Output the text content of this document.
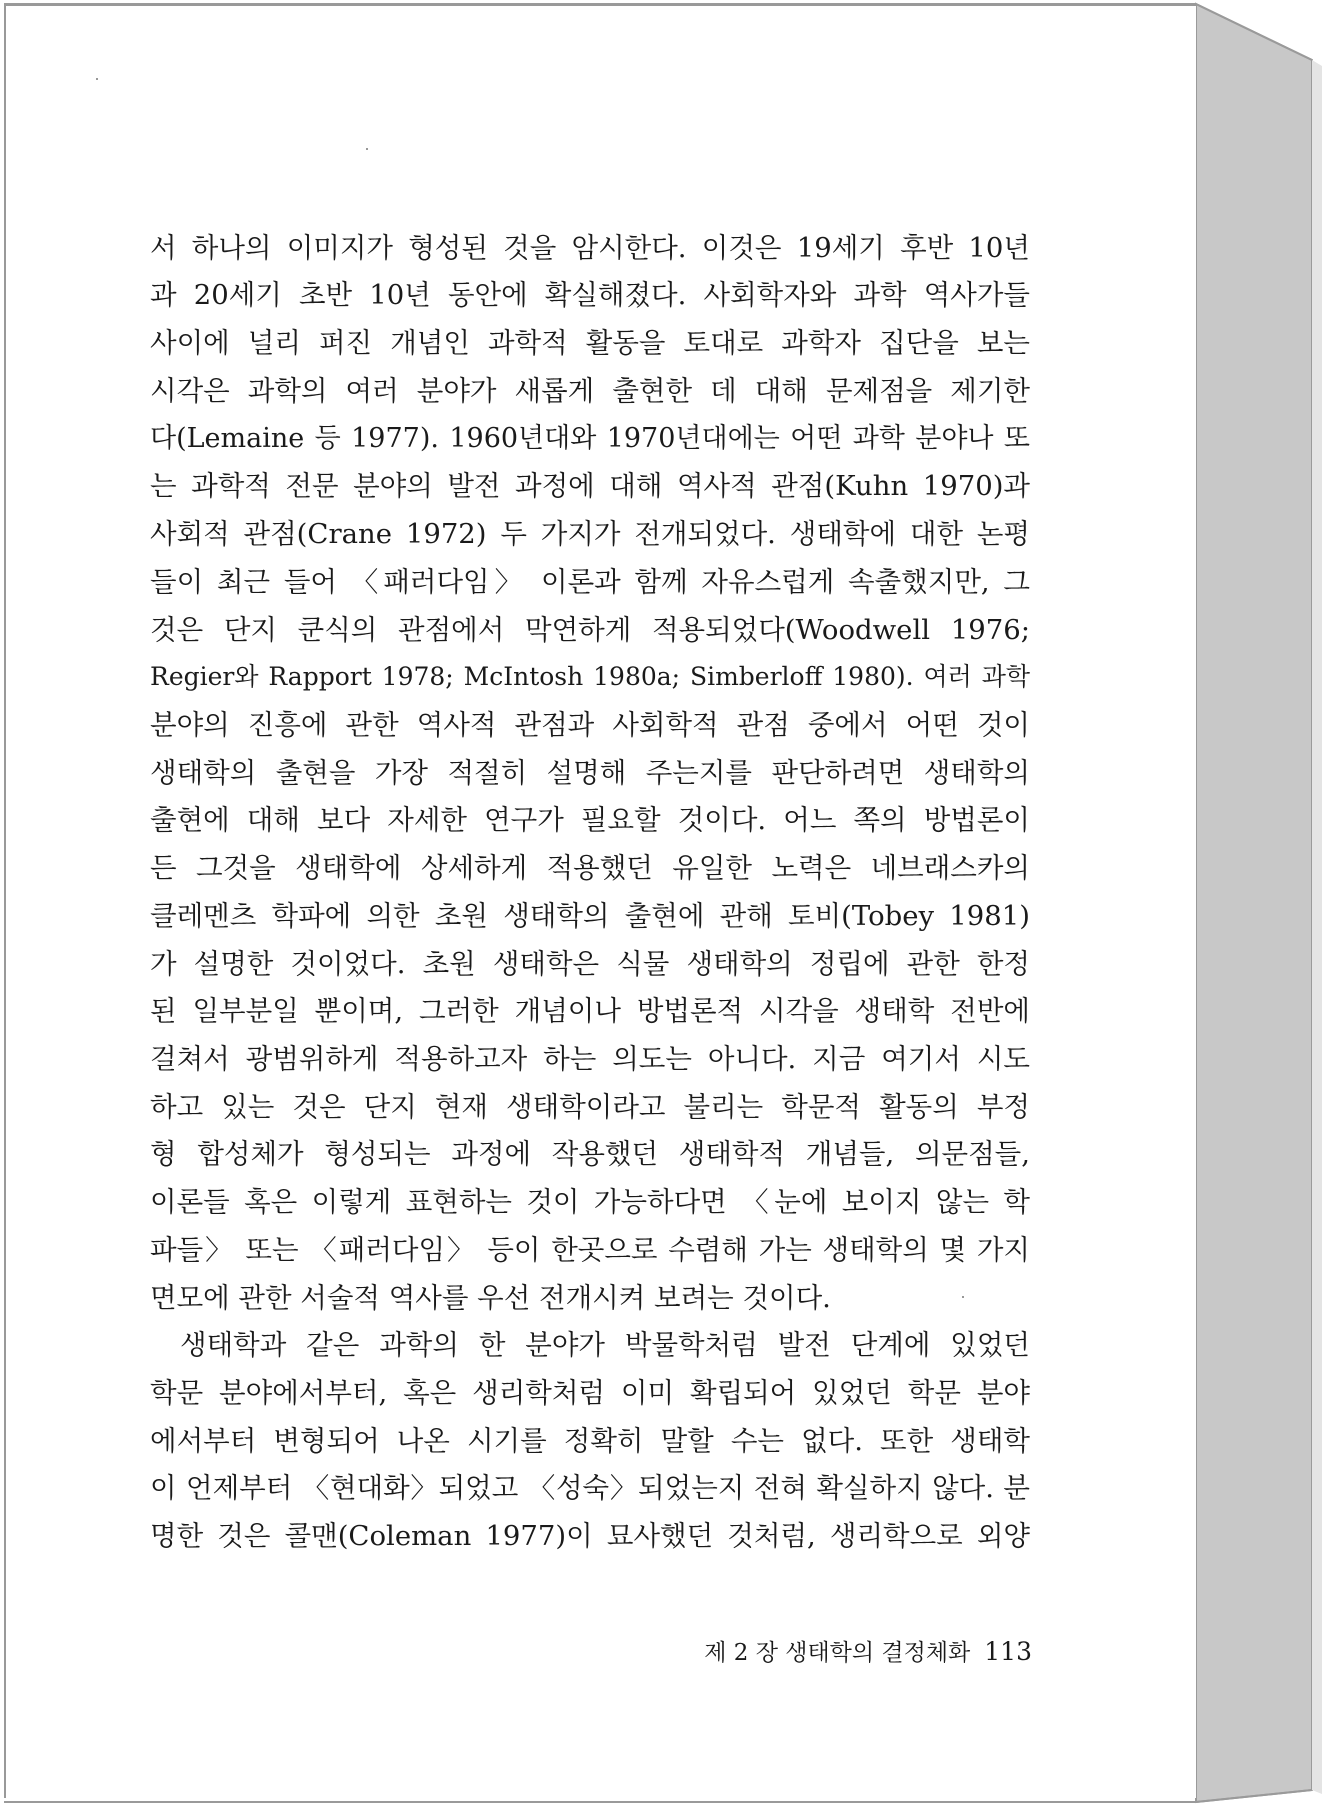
서 하나의 이미지가 형성된 것을 암시한다. 이것은 19세기 후반 10년
과 20세기 초반 10년 동안에 확실해졌다. 사회학자와 과학 역사가들
사이에 널리 퍼진 개념인 과학적 활동을 토대로 과학자 집단을 보는
시각은 과학의 여러 분야가 새롭게 출현한 데 대해 문제점을 제기한
다(Lemaine 등 1977). 1960년대와 1970년대에는 어떤 과학 분야나 또
는 과학적 전문 분야의 발전 과정에 대해 역사적 관점(Kuhn 1970)과
사회적 관점(Crane 1972) 두 가지가 전개되었다. 생태학에 대한 논평
들이 최근 들어 〈패러다임〉 이론과 함께 자유스럽게 속출했지만, 그
것은 단지 쿤식의 관점에서 막연하게 적용되었다(Woodwell 1976;
Regier와 Rapport 1978; McIntosh 1980a; Simberloff 1980). 여러 과학
분야의 진흥에 관한 역사적 관점과 사회학적 관점 중에서 어떤 것이
생태학의 출현을 가장 적절히 설명해 주는지를 판단하려면 생태학의
출현에 대해 보다 자세한 연구가 필요할 것이다. 어느 쪽의 방법론이
든 그것을 생태학에 상세하게 적용했던 유일한 노력은 네브래스카의
클레멘츠 학파에 의한 초원 생태학의 출현에 관해 토비(Tobey 1981)
가 설명한 것이었다. 초원 생태학은 식물 생태학의 정립에 관한 한정
된 일부분일 뿐이며, 그러한 개념이나 방법론적 시각을 생태학 전반에
걸쳐서 광범위하게 적용하고자 하는 의도는 아니다. 지금 여기서 시도
하고 있는 것은 단지 현재 생태학이라고 불리는 학문적 활동의 부정
형 합성체가 형성되는 과정에 작용했던 생태학적 개념들, 의문점들,
이론들 혹은 이렇게 표현하는 것이 가능하다면 〈눈에 보이지 않는 학
파들〉 또는 〈패러다임〉 등이 한곳으로 수렴해 가는 생태학의 몇 가지
면모에 관한 서술적 역사를 우선 전개시켜 보려는 것이다.
생태학과 같은 과학의 한 분야가 박물학처럼 발전 단계에 있었던
학문 분야에서부터, 혹은 생리학처럼 이미 확립되어 있었던 학문 분야
에서부터 변형되어 나온 시기를 정확히 말할 수는 없다. 또한 생태학
이 언제부터 〈현대화〉되었고 〈성숙〉되었는지 전혀 확실하지 않다. 분
명한 것은 콜맨(Coleman 1977)이 묘사했던 것처럼, 생리학으로 외양
제 2 장 생태학의 결정체화 113
